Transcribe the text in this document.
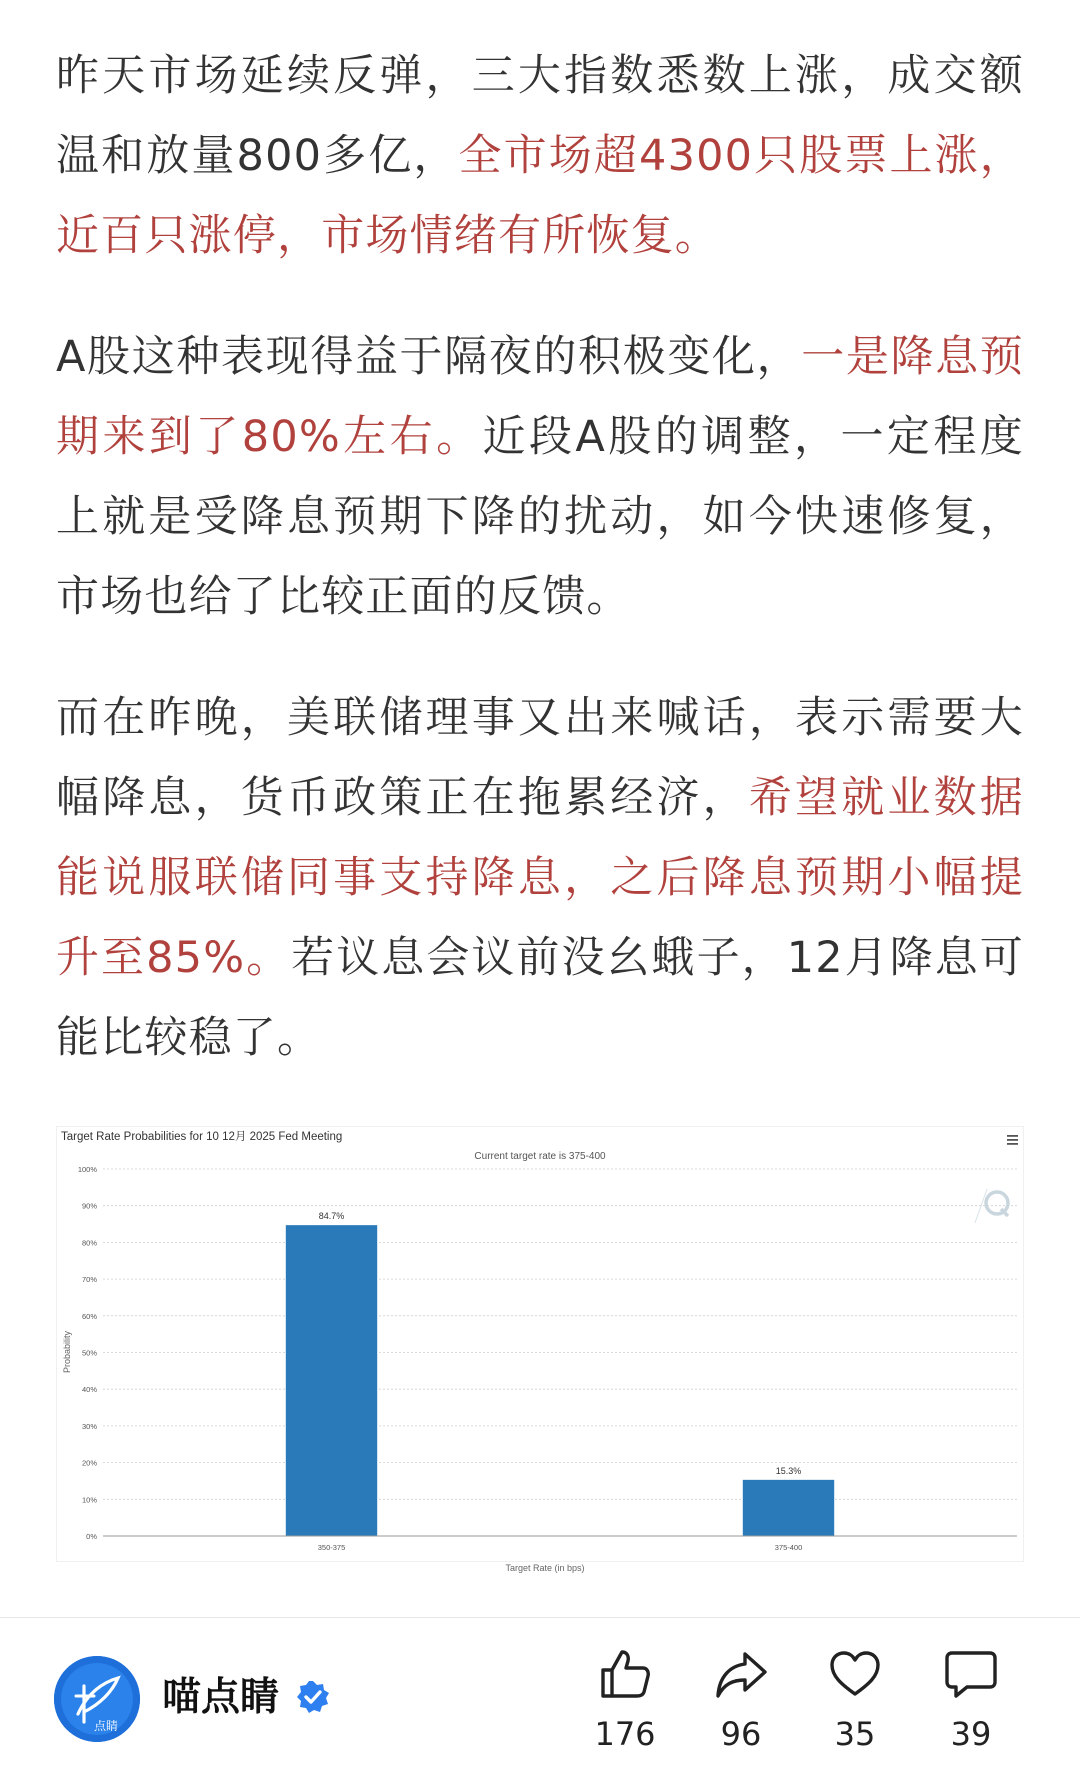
昨天市场延续反弹，三大指数悉数上涨，成交额温和放量800多亿，全市场超4300只股票上涨，近百只涨停，市场情绪有所恢复。

A股这种表现得益于隔夜的积极变化，一是降息预期来到了80%左右。近段A股的调整，一定程度上就是受降息预期下降的扰动，如今快速修复，市场也给了比较正面的反馈。

而在昨晚，美联储理事又出来喊话，表示需要大幅降息，货币政策正在拖累经济，希望就业数据能说服联储同事支持降息，之后降息预期小幅提升至85%。若议息会议前没幺蛾子，12月降息可能比较稳了。

Target Rate Probabilities for 10 12月 2025 Fed Meeting
Current target rate is 375-400
Probability
0%
10%
20%
30%
40%
50%
60%
70%
80%
90%
100%
84.7%
15.3%
350-375	375-400
Target Rate (in bps)
点睛
喵点睛
176	96	35	39
